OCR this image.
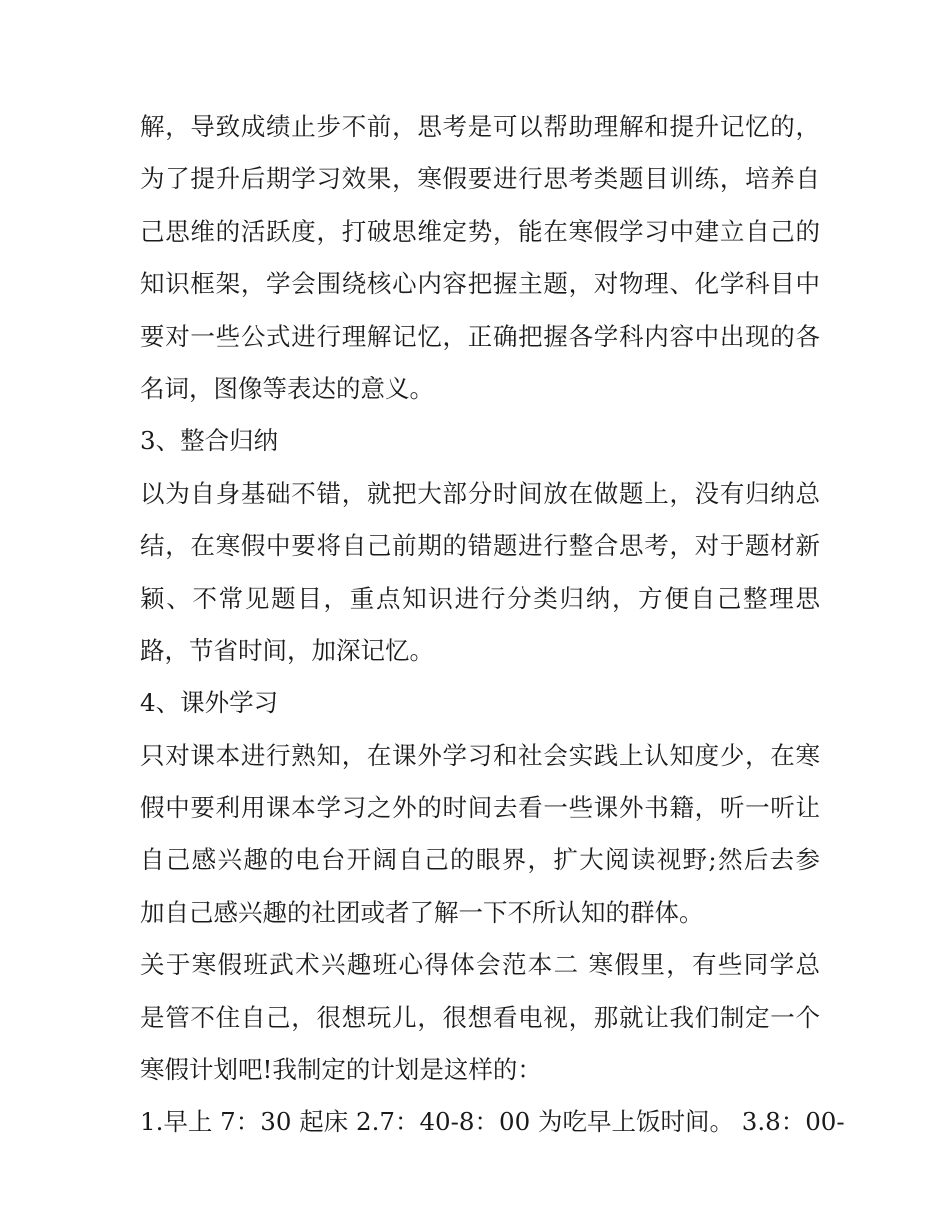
解，导致成绩止步不前，思考是可以帮助理解和提升记忆的，

为了提升后期学习效果，寒假要进行思考类题目训练，培养自

己思维的活跃度，打破思维定势，能在寒假学习中建立自己的

知识框架，学会围绕核心内容把握主题，对物理、化学科目中

要对一些公式进行理解记忆，正确把握各学科内容中出现的各

名词，图像等表达的意义。

3、整合归纳

以为自身基础不错，就把大部分时间放在做题上，没有归纳总

结，在寒假中要将自己前期的错题进行整合思考，对于题材新

颖、不常见题目，重点知识进行分类归纳，方便自己整理思

路，节省时间，加深记忆。

4、课外学习

只对课本进行熟知，在课外学习和社会实践上认知度少，在寒

假中要利用课本学习之外的时间去看一些课外书籍，听一听让

自己感兴趣的电台开阔自己的眼界，扩大阅读视野;然后去参

加自己感兴趣的社团或者了解一下不所认知的群体。

关于寒假班武术兴趣班心得体会范本二 寒假里，有些同学总

是管不住自己，很想玩儿，很想看电视，那就让我们制定一个

寒假计划吧!我制定的计划是这样的：

1.早上 7：30 起床 2.7：40-8：00 为吃早上饭时间。 3.8：00-
